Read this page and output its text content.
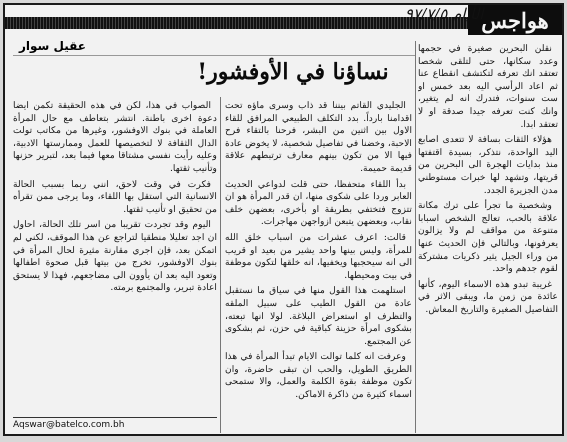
هواجس
الأيام ٩٧/٧/٥
عقيل سوار
نساؤنا في الأوفشور!

نقلن البحرين صغيرة في حجمها وعدد سكانها، حتى لتلقى شخصا تعتقد انك تعرفه لتكتشف انقطاع عنا ثم اعاد الرأسي اليه بعد خمس او ست سنوات، فتدرك انه لم يتغير، وانك كنت تعرفه جيدا صدقة او لا تعتقد ابدا.

هؤلاء الثقات بسافة لا تتعدى اصابع اليد الواحدة، نتذكر، بسيدة اقتفتها منذ بدايات الهجرة الى البحرين من قريتها، وتشهد لها خبرات مستوطني مدن الجزيرة الجدد.

وشخصية ما تجرأ على ترك مكانة علاقة بالحب، تعالج الشخص اسبابا متنوعة من مواقف لم ولا يزالون يعرفونها، وبالتالي فإن الحديث عنها من وراء الجيل يثير ذكريات مشتركة لقوم جدهم واحد.

غريبة تبدو هذه الاسماء اليوم، كأنها عائدة من زمن ما، ويبقى الاثر في التفاصيل الصغيرة والتاريخ المعاش.

الجليدي القاتم بيننا قد ذاب وسرى ماؤه تحت اقدامنا بارداً. بدد التكلف الطبيعي المرافق للقاء الاول بين اثنين من البشر، فرحنا بالتقاء فرح الاحبة، وخضنا في تفاصيل شخصية، لا يخوض عادة فيها الا من تكون بينهم معارف ترتبطهم علاقة قديمة حميمة.

بدأ اللقاء متحفظا، حتى قلت لدواعي الحديث العابر وردا على شكوى منها، ان قدر المرأة هو ان تتزوج فتختفي بطريقة او بأخرى، بعضهن خلف نقاب، وبعضهن يتبعن ازواجهن مهاجرات.

قالت: اعرف عشرات من اسباب خلق الله للمرأة، وليس بينها واحد يشير من بعيد او قريب الى انه سيحجبها ويخفيها، انه خلقها لتكون موظفة في بيت ومحيطها.

استلهمت هذا القول منها في سياق ما نستقبل عادة من القول الطيب على سبيل الملقه والتظرف او استعراض البلاغة. لولا انها تبعته، بشكوى امرأة حزينة كباقية في حزن، ثم بشكوى عن المجتمع.

وعرفت انه كلما توالت الايام تبدأ المرأة في هذا الطريق الطويل، والحب ان تبقى حاضرة، وان تكون موظفة بقوة الكلمة والعمل، والا ستمحى اسماء كثيرة من ذاكرة الاماكن.

الصواب في هذا، لكن في هذه الحقيقة تكمن ايضا دعوة اخرى باطنة. انتشر بتعاطف مع حال المرأة العاملة في بنوك الاوفشور، وغيرها من مكاتب تولت الدال الثقافة لا لتخصيصها للعمل وممارستها الادبية، وعليه رأيت نفسي مشتاقا معها فيما بعد، لتبرير حزنها وتأنيب ثقتها.

فكرت في وقت لاحق، انني ربما بسبب الحالة الانسانية التي استقل بها اللقاء، وما يرجى ممن تقرأه من تحقيق او تأنيب ثقتها.

اليوم وقد تجردت تقريبا من اسر تلك الحالة، احاول ان اجد تعليلا منطقيا لتراجع عن هذا الموقف، لكني لم اتمكن بعد، فإن اجري مقارنة مثيرة لحال المرأة في بنوك الاوفشور، تخرج من بيتها قبل صحوة اطفالها وتعود اليه بعد ان يأوون الى مضاجعهم، فهذا لا يستحق اعادة تبرير، والمجتمع برمته.

Aqswar@batelco.com.bh
